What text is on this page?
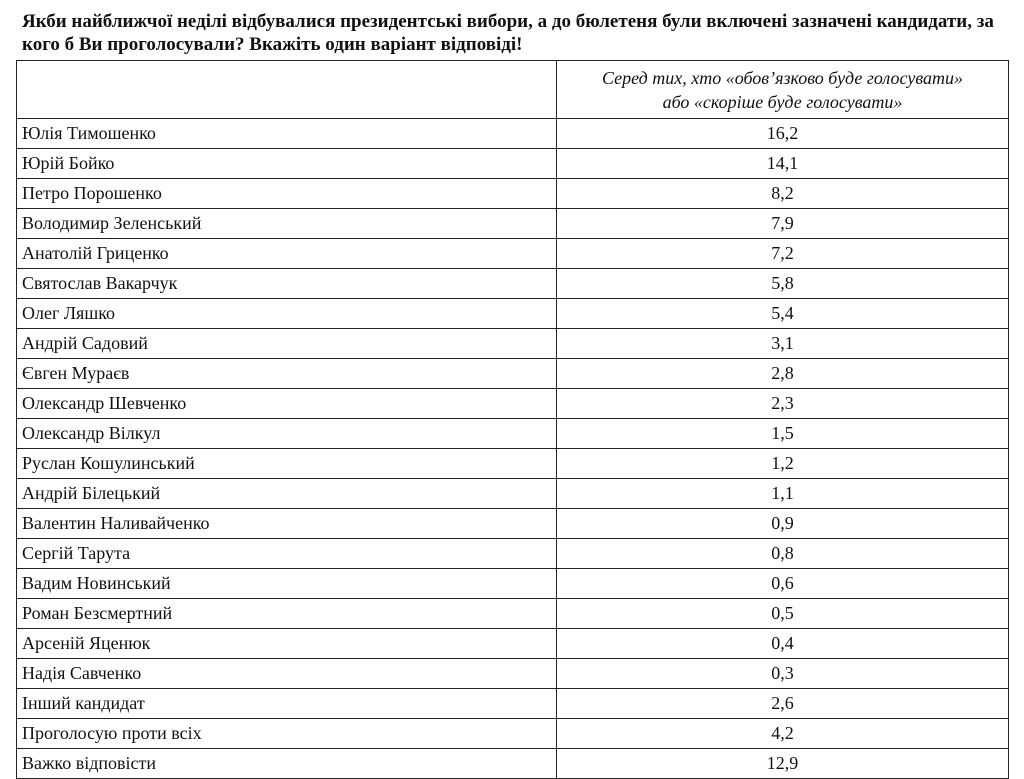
Якби найближчої неділі відбувалися президентські вибори, а до бюлетеня були включені зазначені кандидати, за кого б Ви проголосували? Вкажіть один варіант відповіді!

	Серед тих, хто «обов’язково буде голосувати»
або «скоріше буде голосувати»

Юлія Тимошенко	16,2
Юрій Бойко	14,1
Петро Порошенко	8,2
Володимир Зеленський	7,9
Анатолій Гриценко	7,2
Святослав Вакарчук	5,8
Олег Ляшко	5,4
Андрій Садовий	3,1
Євген Мураєв	2,8
Олександр Шевченко	2,3
Олександр Вілкул	1,5
Руслан Кошулинський	1,2
Андрій Білецький	1,1
Валентин Наливайченко	0,9
Сергій Тарута	0,8
Вадим Новинський	0,6
Роман Безсмертний	0,5
Арсеній Яценюк	0,4
Надія Савченко	0,3
Інший кандидат	2,6
Проголосую проти всіх	4,2
Важко відповісти	12,9
